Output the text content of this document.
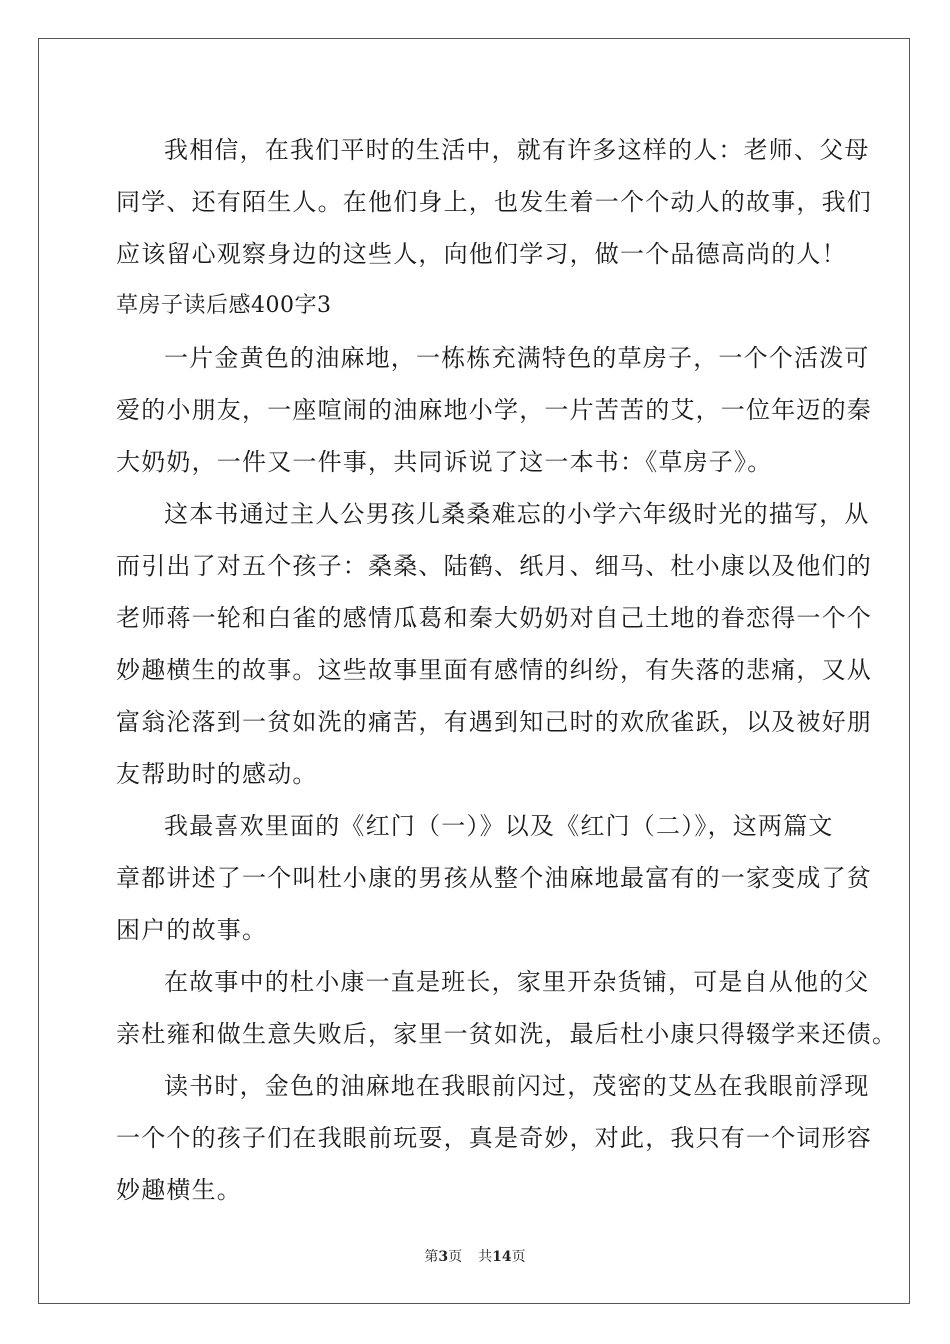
我相信，在我们平时的生活中，就有许多这样的人：老师、父母
同学、还有陌生人。在他们身上，也发生着一个个动人的故事，我们
应该留心观察身边的这些人，向他们学习，做一个品德高尚的人！
草房子读后感400字3
一片金黄色的油麻地，一栋栋充满特色的草房子，一个个活泼可
爱的小朋友，一座喧闹的油麻地小学，一片苦苦的艾，一位年迈的秦
大奶奶，一件又一件事，共同诉说了这一本书：《草房子》。
这本书通过主人公男孩儿桑桑难忘的小学六年级时光的描写，从
而引出了对五个孩子：桑桑、陆鹤、纸月、细马、杜小康以及他们的
老师蒋一轮和白雀的感情瓜葛和秦大奶奶对自己土地的眷恋得一个个
妙趣横生的故事。这些故事里面有感情的纠纷，有失落的悲痛，又从
富翁沦落到一贫如洗的痛苦，有遇到知己时的欢欣雀跃，以及被好朋
友帮助时的感动。
我最喜欢里面的《红门（一）》以及《红门（二）》，这两篇文
章都讲述了一个叫杜小康的男孩从整个油麻地最富有的一家变成了贫
困户的故事。
在故事中的杜小康一直是班长，家里开杂货铺，可是自从他的父
亲杜雍和做生意失败后，家里一贫如洗，最后杜小康只得辍学来还债。
读书时，金色的油麻地在我眼前闪过，茂密的艾丛在我眼前浮现
一个个的孩子们在我眼前玩耍，真是奇妙，对此，我只有一个词形容
妙趣横生。
第3页 共14页
